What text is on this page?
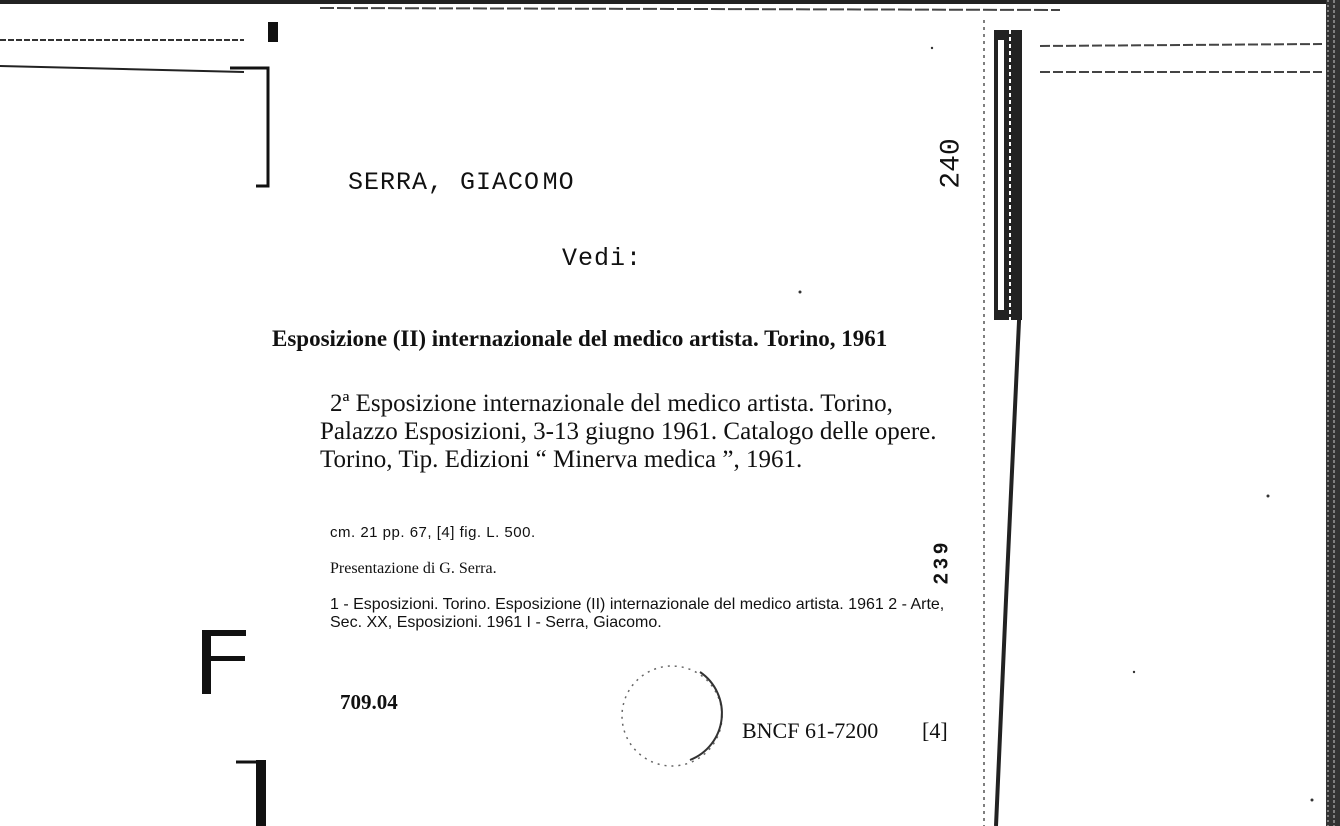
SERRA, GIACO MO
Vedi:
240
239
Esposizione (II) internazionale del medico artista. Torino, 1961
2ª Esposizione internazionale del medico artista. Torino, Palazzo Esposizioni, 3-13 giugno 1961. Catalogo delle opere. Torino, Tip. Edizioni “ Minerva medica ”, 1961.
cm. 21 pp. 67, [4] fig. L. 500.
Presentazione di G. Serra.
1 - Esposizioni. Torino. Esposizione (II) internazionale del medico artista. 1961 2 - Arte, Sec. XX, Esposizioni. 1961 I - Serra, Giacomo.
709.04
BNCF 61-7200 [4]
